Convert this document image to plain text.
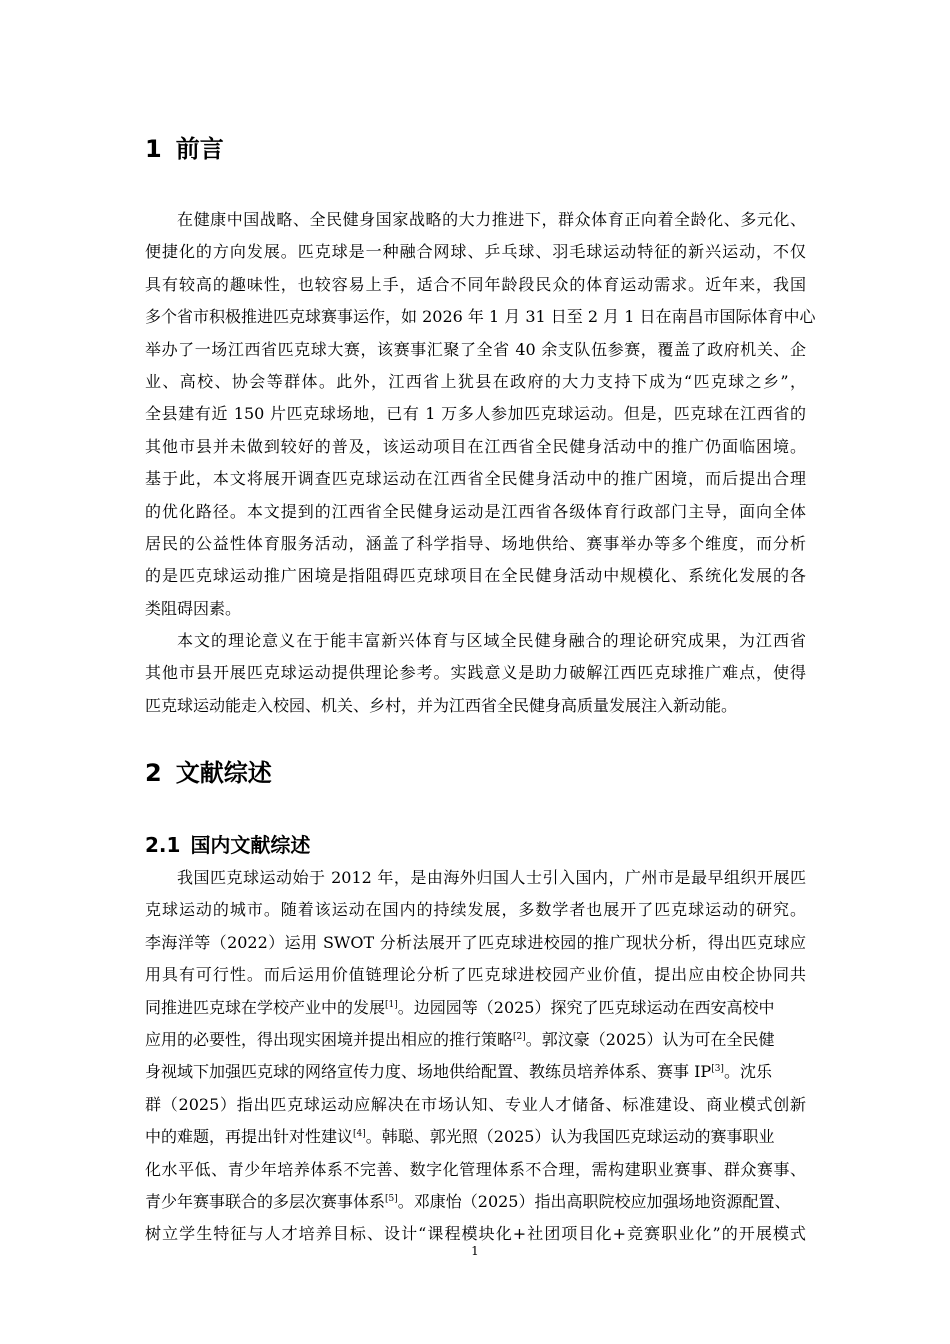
1 前言
在健康中国战略、全民健身国家战略的大力推进下，群众体育正向着全龄化、多元化、
便捷化的方向发展。匹克球是一种融合网球、乒乓球、羽毛球运动特征的新兴运动，不仅
具有较高的趣味性，也较容易上手，适合不同年龄段民众的体育运动需求。近年来，我国
多个省市积极推进匹克球赛事运作，如 2026 年 1 月 31 日至 2 月 1 日在南昌市国际体育中心
举办了一场江西省匹克球大赛，该赛事汇聚了全省 40 余支队伍参赛，覆盖了政府机关、企
业、高校、协会等群体。此外，江西省上犹县在政府的大力支持下成为“匹克球之乡”，
全县建有近 150 片匹克球场地，已有 1 万多人参加匹克球运动。但是，匹克球在江西省的
其他市县并未做到较好的普及，该运动项目在江西省全民健身活动中的推广仍面临困境。
基于此，本文将展开调查匹克球运动在江西省全民健身活动中的推广困境，而后提出合理
的优化路径。本文提到的江西省全民健身运动是江西省各级体育行政部门主导，面向全体
居民的公益性体育服务活动，涵盖了科学指导、场地供给、赛事举办等多个维度，而分析
的是匹克球运动推广困境是指阻碍匹克球项目在全民健身活动中规模化、系统化发展的各
类阻碍因素。
本文的理论意义在于能丰富新兴体育与区域全民健身融合的理论研究成果，为江西省
其他市县开展匹克球运动提供理论参考。实践意义是助力破解江西匹克球推广难点，使得
匹克球运动能走入校园、机关、乡村，并为江西省全民健身高质量发展注入新动能。
2 文献综述
2.1 国内文献综述
我国匹克球运动始于 2012 年，是由海外归国人士引入国内，广州市是最早组织开展匹
克球运动的城市。随着该运动在国内的持续发展，多数学者也展开了匹克球运动的研究。
李海洋等（2022）运用 SWOT 分析法展开了匹克球进校园的推广现状分析，得出匹克球应
用具有可行性。而后运用价值链理论分析了匹克球进校园产业价值，提出应由校企协同共
同推进匹克球在学校产业中的发展[1]。边园园等（2025）探究了匹克球运动在西安高校中
应用的必要性，得出现实困境并提出相应的推行策略[2]。郭汶豪（2025）认为可在全民健
身视域下加强匹克球的网络宣传力度、场地供给配置、教练员培养体系、赛事 IP[3]。沈乐
群（2025）指出匹克球运动应解决在市场认知、专业人才储备、标准建设、商业模式创新
中的难题，再提出针对性建议[4]。韩聪、郭光照（2025）认为我国匹克球运动的赛事职业
化水平低、青少年培养体系不完善、数字化管理体系不合理，需构建职业赛事、群众赛事、
青少年赛事联合的多层次赛事体系[5]。邓康怡（2025）指出高职院校应加强场地资源配置、
树立学生特征与人才培养目标、设计“课程模块化+社团项目化+竞赛职业化”的开展模式
1
